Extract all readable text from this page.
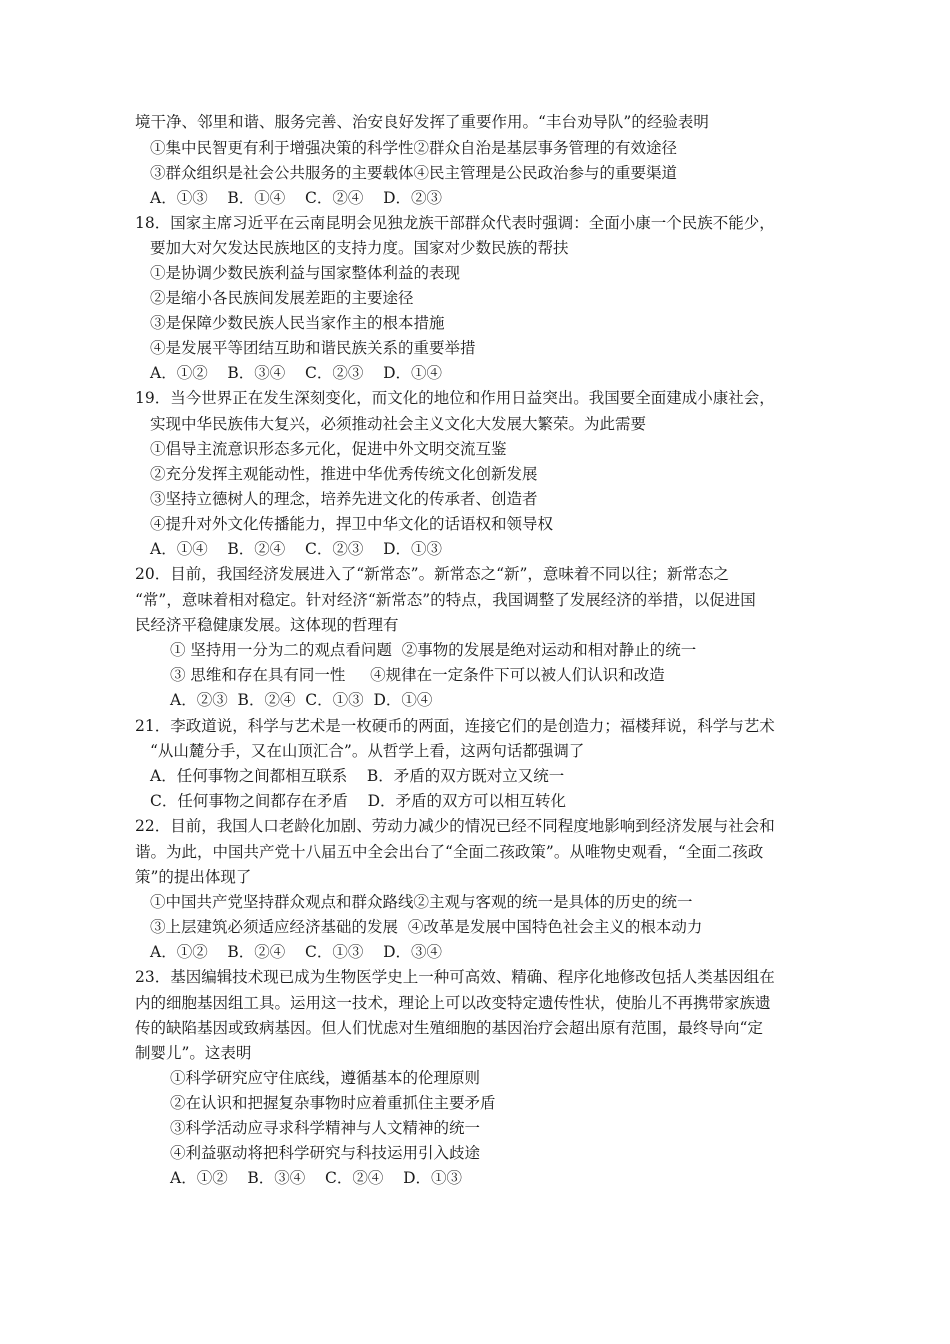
境干净、邻里和谐、服务完善、治安良好发挥了重要作用。“丰台劝导队”的经验表明
①集中民智更有利于增强决策的科学性②群众自治是基层事务管理的有效途径
③群众组织是社会公共服务的主要载体④民主管理是公民政治参与的重要渠道
A．①③    B．①④    C．②④    D．②③
18．国家主席习近平在云南昆明会见独龙族干部群众代表时强调：全面小康一个民族不能少，
要加大对欠发达民族地区的支持力度。国家对少数民族的帮扶
①是协调少数民族利益与国家整体利益的表现
②是缩小各民族间发展差距的主要途径
③是保障少数民族人民当家作主的根本措施
④是发展平等团结互助和谐民族关系的重要举措
A．①②    B．③④    C．②③    D．①④
19．当今世界正在发生深刻变化，而文化的地位和作用日益突出。我国要全面建成小康社会，
实现中华民族伟大复兴，必须推动社会主义文化大发展大繁荣。为此需要
①倡导主流意识形态多元化，促进中外文明交流互鉴
②充分发挥主观能动性，推进中华优秀传统文化创新发展
③坚持立德树人的理念，培养先进文化的传承者、创造者
④提升对外文化传播能力，捍卫中华文化的话语权和领导权
A．①④    B．②④    C．②③    D．①③
20．目前，我国经济发展进入了“新常态”。新常态之“新”，意味着不同以往；新常态之
“常”，意味着相对稳定。针对经济“新常态”的特点，我国调整了发展经济的举措，以促进国
民经济平稳健康发展。这体现的哲理有
① 坚持用一分为二的观点看问题  ②事物的发展是绝对运动和相对静止的统一
③ 思维和存在具有同一性     ④规律在一定条件下可以被人们认识和改造
A．②③  B．②④  C．①③  D．①④
21．李政道说，科学与艺术是一枚硬币的两面，连接它们的是创造力；福楼拜说，科学与艺术
“从山麓分手，又在山顶汇合”。从哲学上看，这两句话都强调了
A．任何事物之间都相互联系    B．矛盾的双方既对立又统一
C．任何事物之间都存在矛盾    D．矛盾的双方可以相互转化
22．目前，我国人口老龄化加剧、劳动力减少的情况已经不同程度地影响到经济发展与社会和
谐。为此，中国共产党十八届五中全会出台了“全面二孩政策”。从唯物史观看，“全面二孩政
策”的提出体现了
①中国共产党坚持群众观点和群众路线②主观与客观的统一是具体的历史的统一
③上层建筑必须适应经济基础的发展  ④改革是发展中国特色社会主义的根本动力
A．①②    B．②④    C．①③    D．③④
23．基因编辑技术现已成为生物医学史上一种可高效、精确、程序化地修改包括人类基因组在
内的细胞基因组工具。运用这一技术，理论上可以改变特定遗传性状，使胎儿不再携带家族遗
传的缺陷基因或致病基因。但人们忧虑对生殖细胞的基因治疗会超出原有范围，最终导向“定
制婴儿”。这表明
①科学研究应守住底线，遵循基本的伦理原则
②在认识和把握复杂事物时应着重抓住主要矛盾
③科学活动应寻求科学精神与人文精神的统一
④利益驱动将把科学研究与科技运用引入歧途
A．①②    B．③④    C．②④    D．①③
